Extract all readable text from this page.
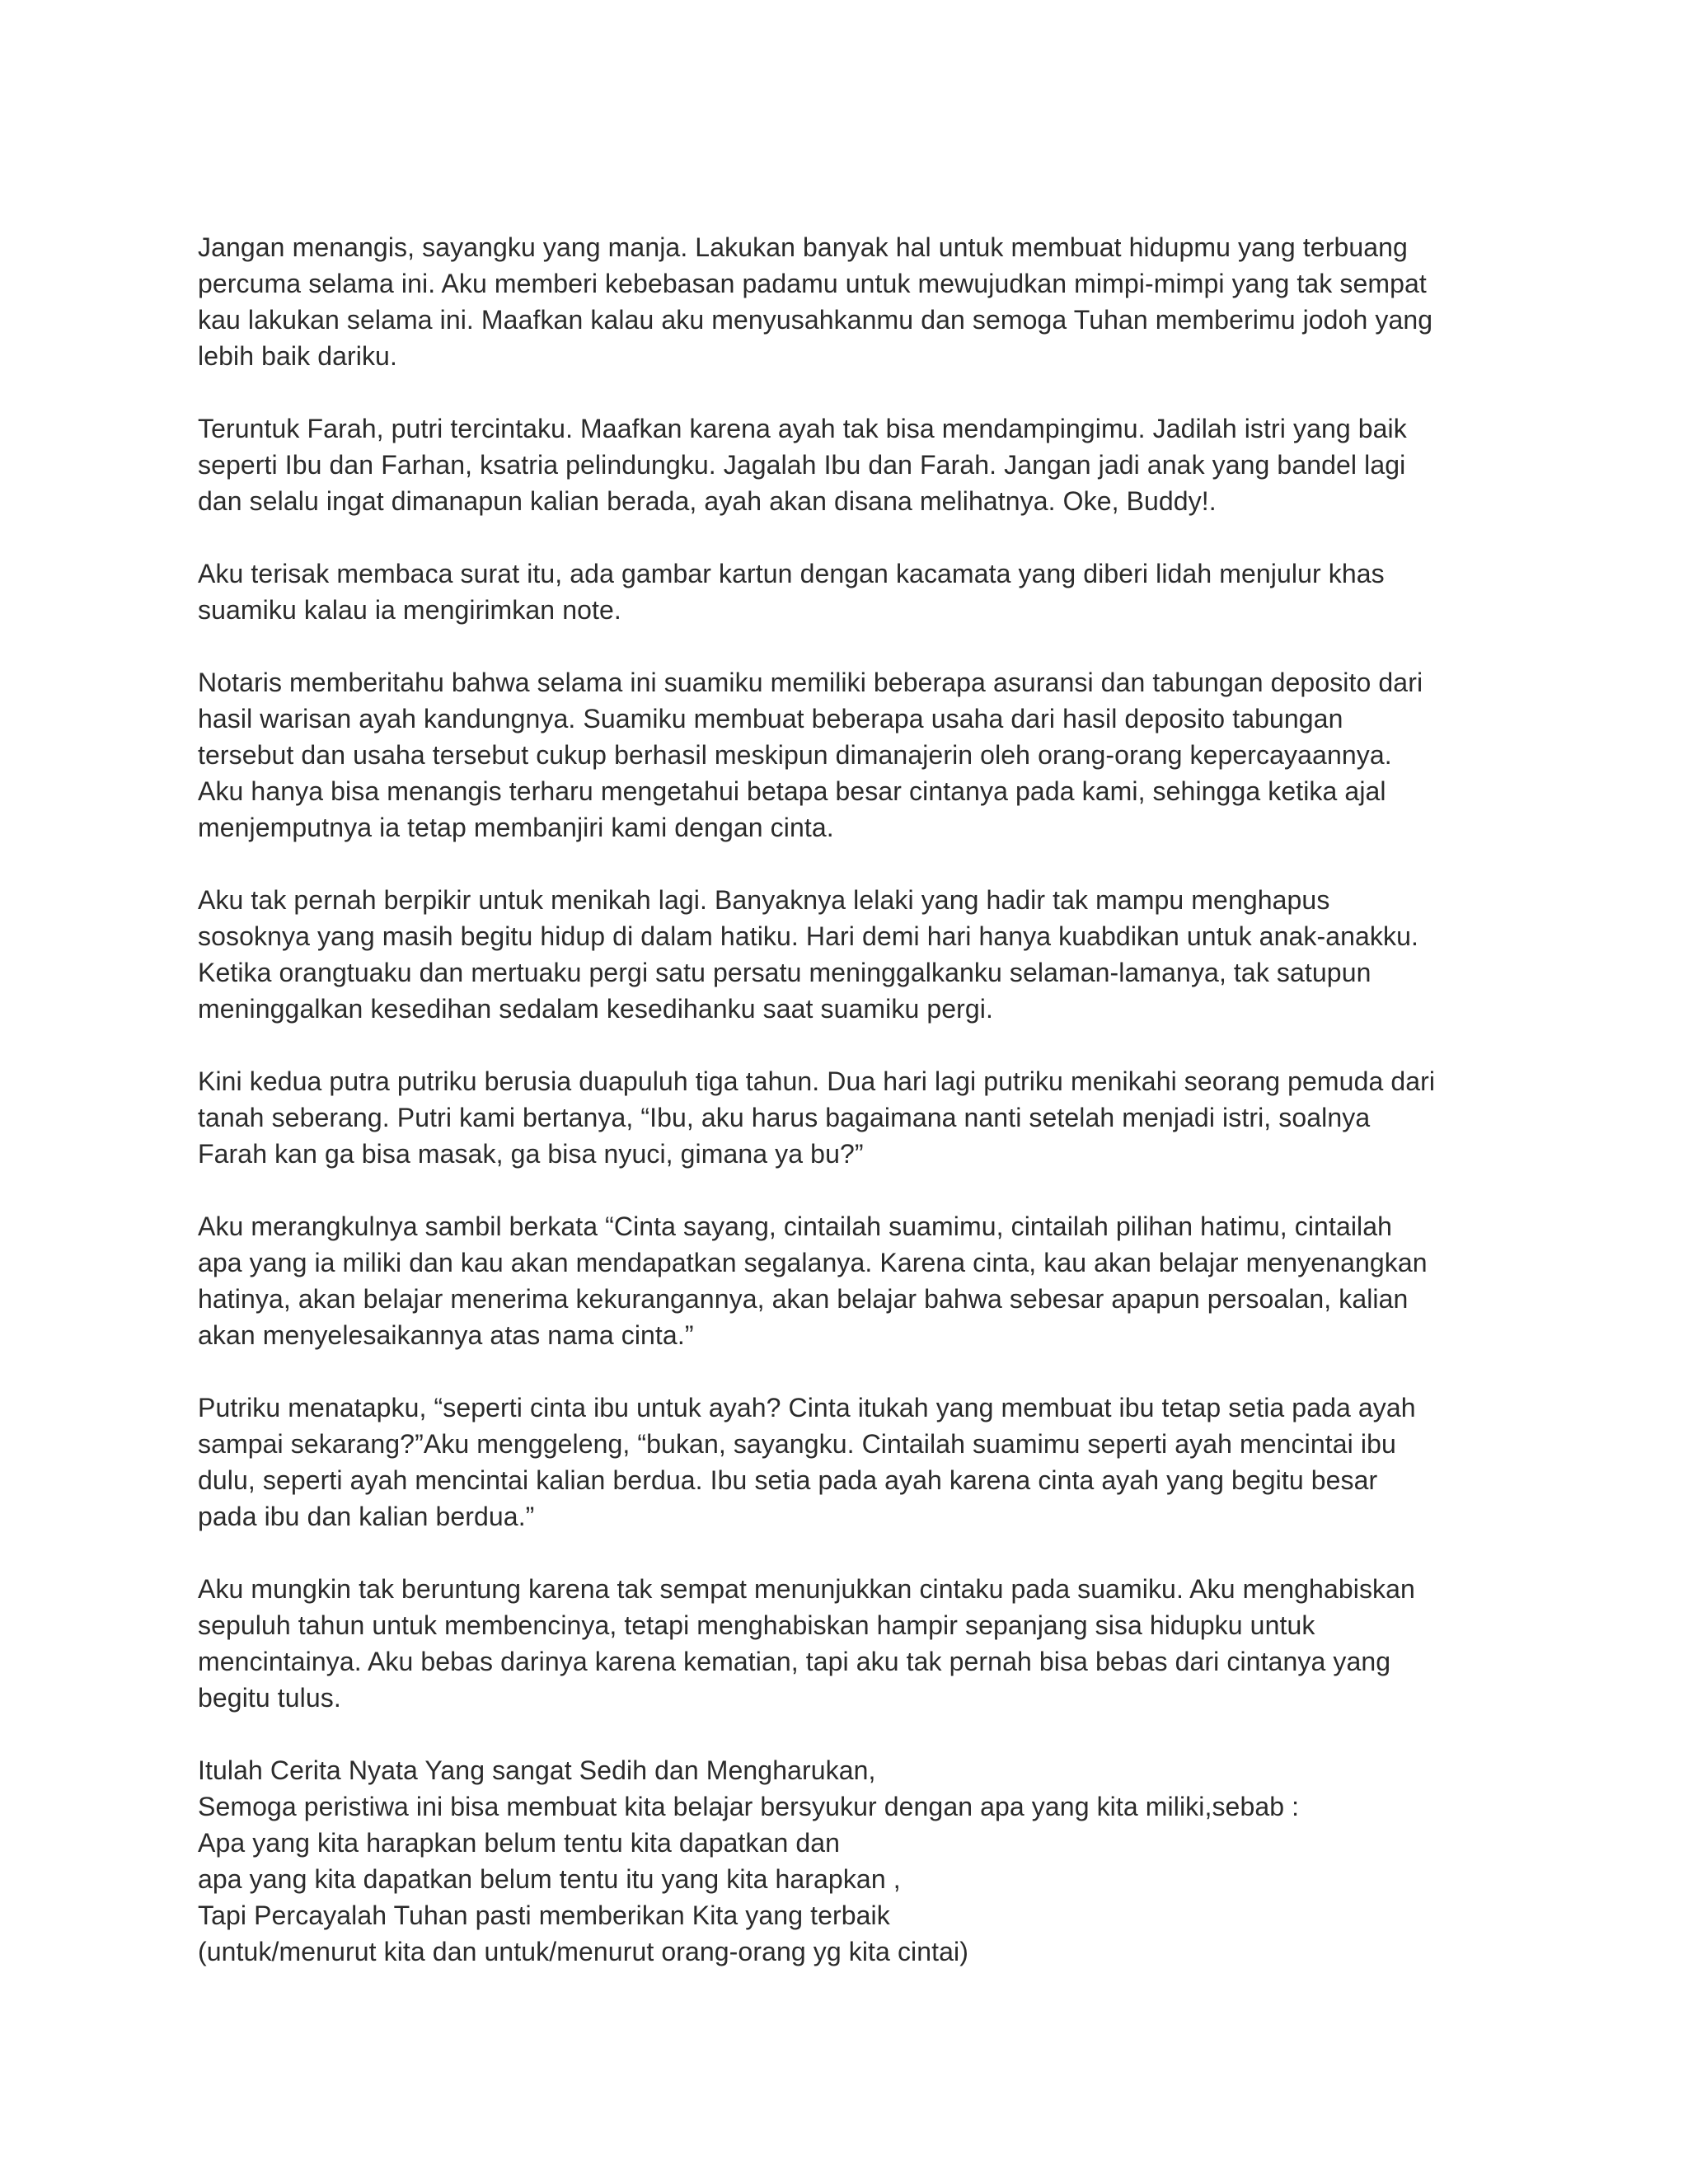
Jangan menangis, sayangku yang manja. Lakukan banyak hal untuk membuat hidupmu yang terbuang
percuma selama ini. Aku memberi kebebasan padamu untuk mewujudkan mimpi-mimpi yang tak sempat
kau lakukan selama ini. Maafkan kalau aku menyusahkanmu dan semoga Tuhan memberimu jodoh yang
lebih baik dariku.

Teruntuk Farah, putri tercintaku. Maafkan karena ayah tak bisa mendampingimu. Jadilah istri yang baik
seperti Ibu dan Farhan, ksatria pelindungku. Jagalah Ibu dan Farah. Jangan jadi anak yang bandel lagi
dan selalu ingat dimanapun kalian berada, ayah akan disana melihatnya. Oke, Buddy!.

Aku terisak membaca surat itu, ada gambar kartun dengan kacamata yang diberi lidah menjulur khas
suamiku kalau ia mengirimkan note.

Notaris memberitahu bahwa selama ini suamiku memiliki beberapa asuransi dan tabungan deposito dari
hasil warisan ayah kandungnya. Suamiku membuat beberapa usaha dari hasil deposito tabungan
tersebut dan usaha tersebut cukup berhasil meskipun dimanajerin oleh orang-orang kepercayaannya.
Aku hanya bisa menangis terharu mengetahui betapa besar cintanya pada kami, sehingga ketika ajal
menjemputnya ia tetap membanjiri kami dengan cinta.

Aku tak pernah berpikir untuk menikah lagi. Banyaknya lelaki yang hadir tak mampu menghapus
sosoknya yang masih begitu hidup di dalam hatiku. Hari demi hari hanya kuabdikan untuk anak-anakku.
Ketika orangtuaku dan mertuaku pergi satu persatu meninggalkanku selaman-lamanya, tak satupun
meninggalkan kesedihan sedalam kesedihanku saat suamiku pergi.

Kini kedua putra putriku berusia duapuluh tiga tahun. Dua hari lagi putriku menikahi seorang pemuda dari
tanah seberang. Putri kami bertanya, “Ibu, aku harus bagaimana nanti setelah menjadi istri, soalnya
Farah kan ga bisa masak, ga bisa nyuci, gimana ya bu?”

Aku merangkulnya sambil berkata “Cinta sayang, cintailah suamimu, cintailah pilihan hatimu, cintailah
apa yang ia miliki dan kau akan mendapatkan segalanya. Karena cinta, kau akan belajar menyenangkan
hatinya, akan belajar menerima kekurangannya, akan belajar bahwa sebesar apapun persoalan, kalian
akan menyelesaikannya atas nama cinta.”

Putriku menatapku, “seperti cinta ibu untuk ayah? Cinta itukah yang membuat ibu tetap setia pada ayah
sampai sekarang?”Aku menggeleng, “bukan, sayangku. Cintailah suamimu seperti ayah mencintai ibu
dulu, seperti ayah mencintai kalian berdua. Ibu setia pada ayah karena cinta ayah yang begitu besar
pada ibu dan kalian berdua.”

Aku mungkin tak beruntung karena tak sempat menunjukkan cintaku pada suamiku. Aku menghabiskan
sepuluh tahun untuk membencinya, tetapi menghabiskan hampir sepanjang sisa hidupku untuk
mencintainya. Aku bebas darinya karena kematian, tapi aku tak pernah bisa bebas dari cintanya yang
begitu tulus.

Itulah Cerita Nyata Yang sangat Sedih dan Mengharukan,
Semoga peristiwa ini bisa membuat kita belajar bersyukur dengan apa yang kita miliki,sebab :
Apa yang kita harapkan belum tentu kita dapatkan dan
apa yang kita dapatkan belum tentu itu yang kita harapkan ,
Tapi Percayalah Tuhan pasti memberikan Kita yang terbaik
(untuk/menurut kita dan untuk/menurut orang-orang yg kita cintai)
